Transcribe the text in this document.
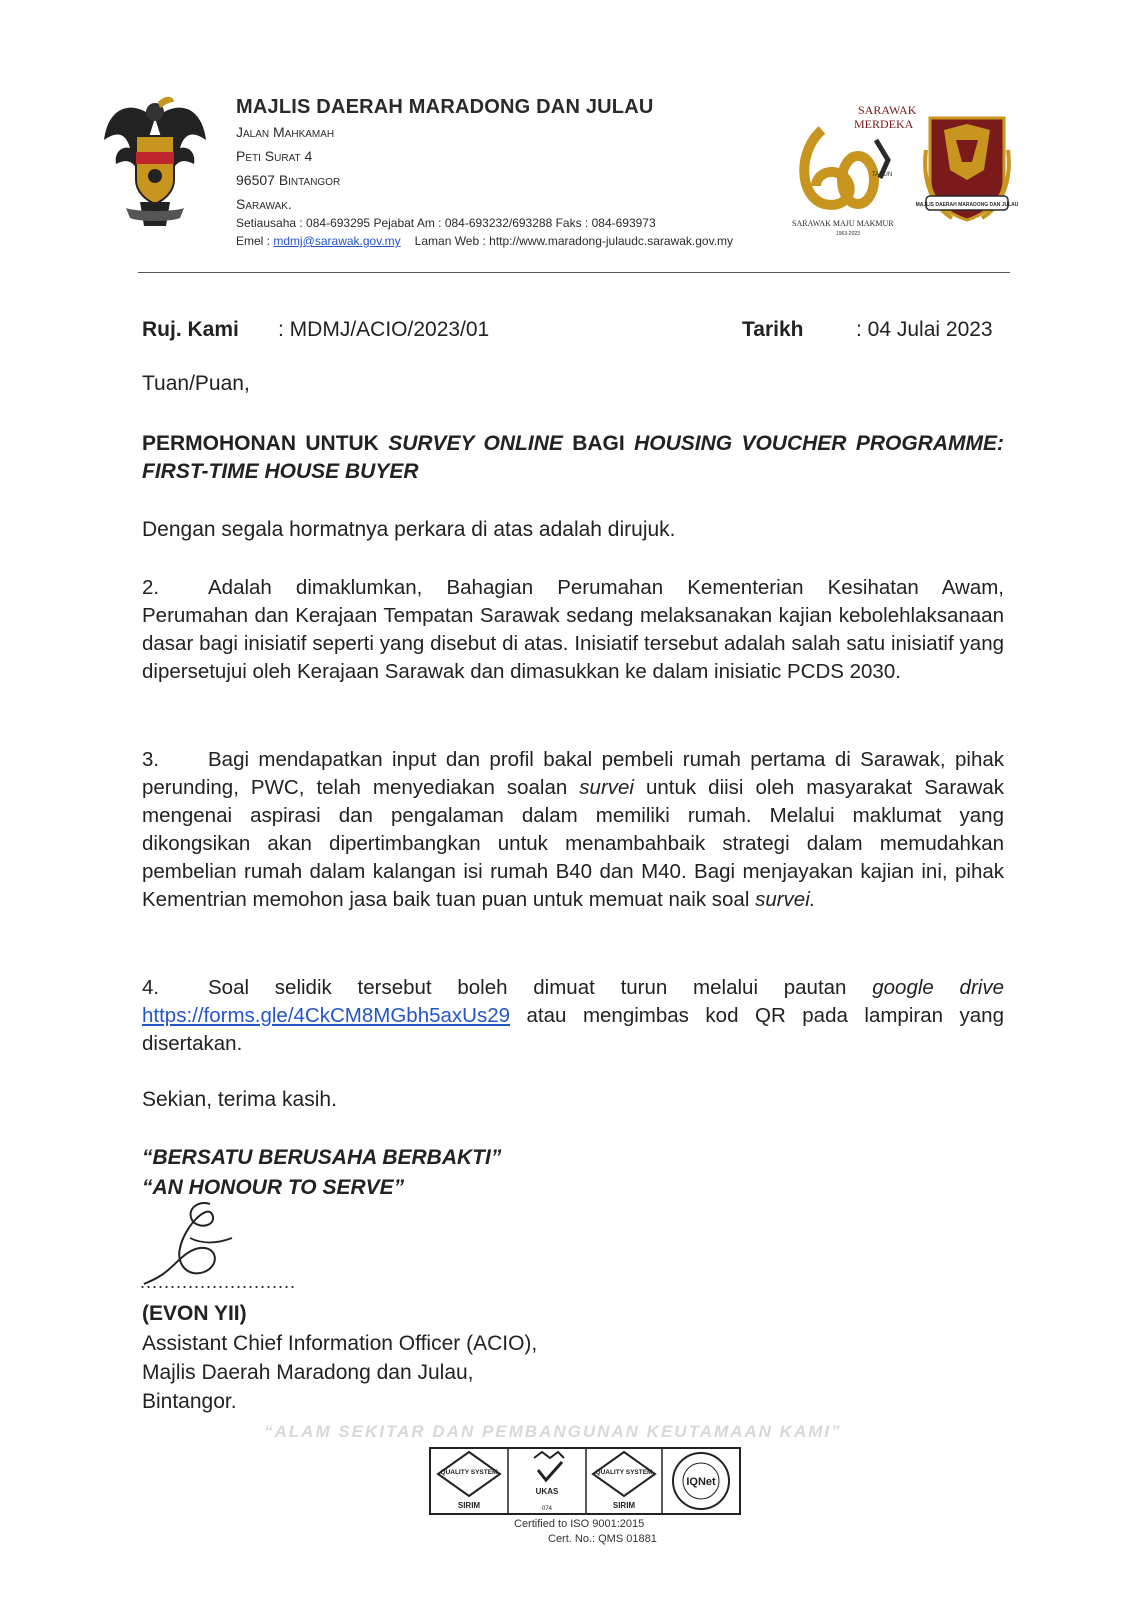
MAJLIS DAERAH MARADONG DAN JULAU
Jalan Mahkamah
Peti Surat 4
96507 Bintangor
Sarawak.
Setiausaha : 084-693295 Pejabat Am : 084-693232/693288 Faks : 084-693973
Emel : mdmj@sarawak.gov.my Laman Web : http://www.maradong-julaudc.sarawak.gov.my
SARAWAK
MERDEKA
TAHUN
SARAWAK MAJU MAKMUR
1963-2023
MAJLIS DAERAH MARADONG DAN JULAU
Ruj. Kami : MDMJ/ACIO/2023/01	Tarikh	: 04 Julai 2023
Tuan/Puan,
PERMOHONAN UNTUK SURVEY ONLINE BAGI HOUSING VOUCHER PROGRAMME: FIRST-TIME HOUSE BUYER
Dengan segala hormatnya perkara di atas adalah dirujuk.
2. Adalah dimaklumkan, Bahagian Perumahan Kementerian Kesihatan Awam, Perumahan dan Kerajaan Tempatan Sarawak sedang melaksanakan kajian kebolehlaksanaan dasar bagi inisiatif seperti yang disebut di atas. Inisiatif tersebut adalah salah satu inisiatif yang dipersetujui oleh Kerajaan Sarawak dan dimasukkan ke dalam inisiatic PCDS 2030.
3. Bagi mendapatkan input dan profil bakal pembeli rumah pertama di Sarawak, pihak perunding, PWC, telah menyediakan soalan survei untuk diisi oleh masyarakat Sarawak mengenai aspirasi dan pengalaman dalam memiliki rumah. Melalui maklumat yang dikongsikan akan dipertimbangkan untuk menambahbaik strategi dalam memudahkan pembelian rumah dalam kalangan isi rumah B40 dan M40. Bagi menjayakan kajian ini, pihak Kementrian memohon jasa baik tuan puan untuk memuat naik soal survei.
4. Soal selidik tersebut boleh dimuat turun melalui pautan google drive https://forms.gle/4CkCM8MGbh5axUs29 atau mengimbas kod QR pada lampiran yang disertakan.
Sekian, terima kasih.
“BERSATU BERUSAHA BERBAKTI”
“AN HONOUR TO SERVE”
..........................
(EVON YII)
Assistant Chief Information Officer (ACIO),
Majlis Daerah Maradong dan Julau,
Bintangor.
“ALAM SEKITAR DAN PEMBANGUNAN KEUTAMAAN KAMI”
QUALITY SYSTEM
SIRIM
UKAS
074
QUALITY SYSTEM
SIRIM
IQNet
Certified to ISO 9001:2015
Cert. No.: QMS 01881
